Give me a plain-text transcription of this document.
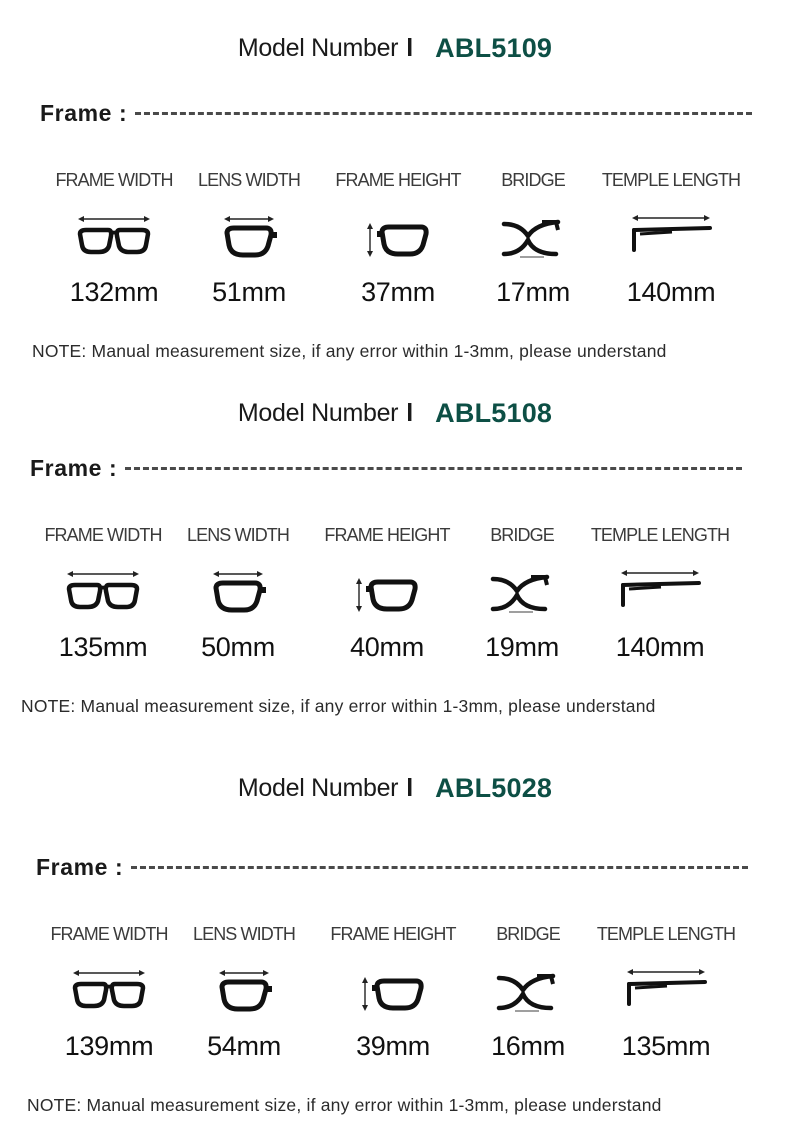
Model Number l ABL5109
Frame :
FRAME WIDTH
132mm
LENS WIDTH
51mm
FRAME HEIGHT
37mm
BRIDGE
17mm
TEMPLE LENGTH
140mm
NOTE: Manual measurement size, if any error within 1-3mm, please understand
Model Number l ABL5108
Frame :
FRAME WIDTH
135mm
LENS WIDTH
50mm
FRAME HEIGHT
40mm
BRIDGE
19mm
TEMPLE LENGTH
140mm
NOTE: Manual measurement size, if any error within 1-3mm, please understand
Model Number l ABL5028
Frame :
FRAME WIDTH
139mm
LENS WIDTH
54mm
FRAME HEIGHT
39mm
BRIDGE
16mm
TEMPLE LENGTH
135mm
NOTE: Manual measurement size, if any error within 1-3mm, please understand
